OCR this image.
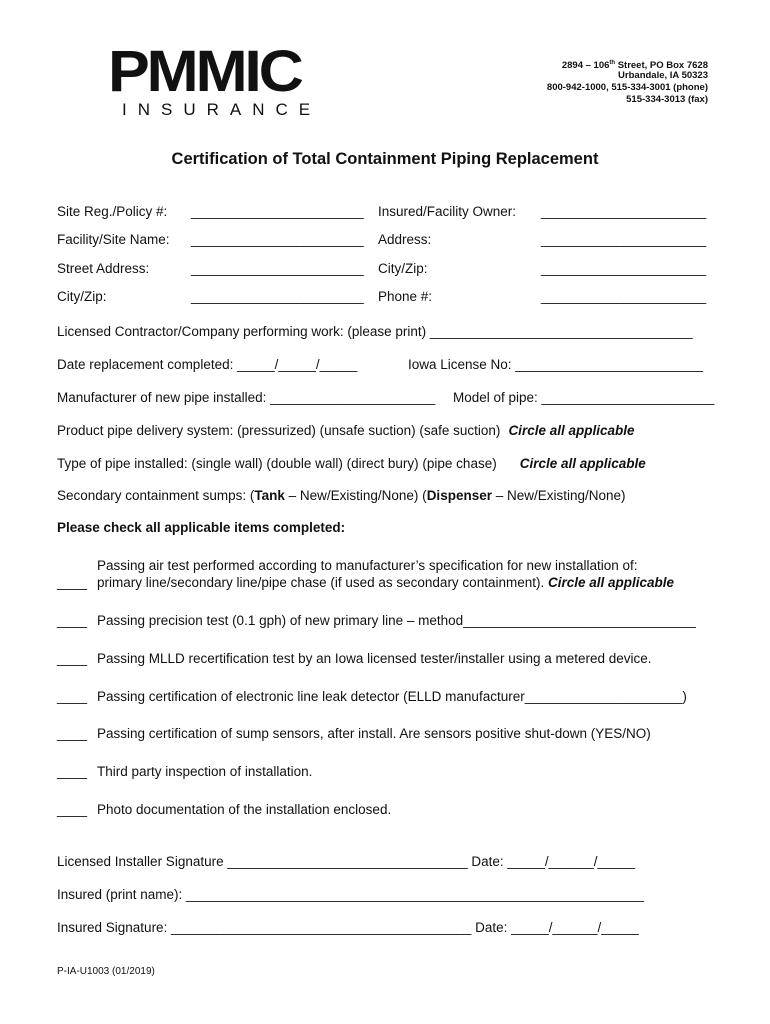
PMMIC
INSURANCE
2894 – 106th Street, PO Box 7628
Urbandale, IA 50323
800-942-1000, 515-334-3001 (phone)
515-334-3013 (fax)
Certification of Total Containment Piping Replacement
Site Reg./Policy #: _______________________ Insured/Facility Owner: ______________________
Facility/Site Name: _______________________ Address:	______________________
Street Address:	_______________________ City/Zip:	______________________
City/Zip:	_______________________ Phone #:	______________________
Licensed Contractor/Company performing work: (please print) ___________________________________
Date replacement completed: _____/_____/_____	Iowa License No: _________________________
Manufacturer of new pipe installed: ______________________ Model of pipe: _______________________
Product pipe delivery system: (pressurized) (unsafe suction) (safe suction) Circle all applicable
Type of pipe installed: (single wall) (double wall) (direct bury) (pipe chase) Circle all applicable
Secondary containment sumps: (Tank – New/Existing/None) (Dispenser – New/Existing/None)
Please check all applicable items completed:
Passing air test performed according to manufacturer’s specification for new installation of:
____ primary line/secondary line/pipe chase (if used as secondary containment). Circle all applicable
____ Passing precision test (0.1 gph) of new primary line – method_______________________________
____ Passing MLLD recertification test by an Iowa licensed tester/installer using a metered device.
____ Passing certification of electronic line leak detector (ELLD manufacturer_____________________)
____ Passing certification of sump sensors, after install. Are sensors positive shut-down (YES/NO)
____ Third party inspection of installation.
____ Photo documentation of the installation enclosed.
Licensed Installer Signature ________________________________ Date: _____/______/_____
Insured (print name): _____________________________________________________________
Insured Signature: ________________________________________ Date: _____/______/_____
P-IA-U1003 (01/2019)
